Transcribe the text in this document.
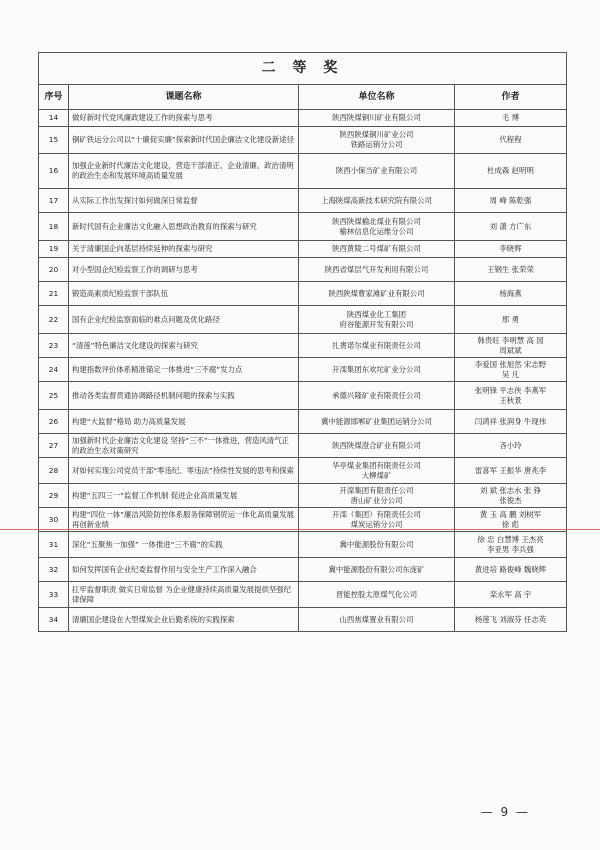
二 等 奖			
序号	课题名称	单位名称	作者
14	做好新时代党风廉政建设工作的探索与思考	陕西陕煤铜川矿业有限公司	毛 博
15	铜矿铁运分公司以“十廉促实廉”探索新时代国企廉洁文化建设新途径	陕西陕煤铜川矿业公司
铁路运销分公司	代程程
16	加强企业新时代廉洁文化建设，营造干部清正、企业清廉、政治清明的政治生态和发展环境高质量发展	陕西小保当矿业有限公司	杜成森 赵明明
17	从实际工作出发探讨如何做深日常监督	上海陕煤高新技术研究院有限公司	周 峰 陈乾强
18	新时代国有企业廉洁文化融入思想政治教育的探索与研究	陕西陕煤榆北煤业有限公司
榆林信息化运维分公司	刘 潇 方广东
19	关于清廉国企向基层持续延伸的探索与研究	陕西黄陵二号煤矿有限公司	李晓辉
20	对小型国企纪检监察工作的调研与思考	陕西省煤层气开发利用有限公司	王钢生 张荣荣
21	锻造高素质纪检监察干部队伍	陕西陕煤曹家滩矿业有限公司	杨海燕
22	国有企业纪检监察面临的难点问题及优化路径	陕西煤业化工集团
府谷能源开发有限公司	邢 勇
23	“清莲”特色廉洁文化建设的探索与研究	扎赉诺尔煤业有限责任公司	韩贵旺 李明慧 高 园
周斌斌
24	构建指数评价体系精准锚定一体推进“三不腐”发力点	开滦集团东欢坨矿业分公司	李爱国 张旭然 宋志野
吴 凡
25	推动各类监督贯通协调路径机制问题的探索与实践	承德兴隆矿业有限责任公司	张明锋 平志侠 李燕军
王秋景
26	构建“大监督”格局 助力高质量发展	冀中能源邯郸矿业集团运销分公司	闫鸿祥 张润身 牛现伟
27	加强新时代企业廉洁文化建设 坚持“三不”一体推进，营造风清气正的政治生态对策研究	陕西陕煤澄合矿业有限公司	吝小玲
28	对如何实现公司党员干部“零违纪、零违法”持续性发展的思考和探索	华亭煤业集团有限责任公司
大柳煤矿	雷喜军 王振华 唐兆李
29	构建“五四三一”监督工作机制 促进企业高质量发展	开滦集团有限责任公司
唐山矿业分公司	刘 斌 张志水 张 铮
张俊杰
30	构建“四位一体”廉洁风险防控体系服务保障钢贸运一体化高质量发展再创新业绩	开滦（集团）有限责任公司
煤炭运销分公司	黄 玉 高 鹏 刘树军
徐 彪
31	深化“五聚焦一加强” 一体推进“三不腐”的实践	冀中能源股份有限公司	徐 忠 白慧博 王杰亮
李亚男 李兵强
32	如何发挥国有企业纪委监督作用与安全生产工作深入融合	冀中能源股份有限公司东庞矿	黄进培 路俊峰 魏晓辉
33	扛牢监督职责 做实日常监督 为企业健康持续高质量发展提供坚强纪律保障	晋能控股太原煤气化公司	栾永军 高 宇
34	清廉国企建设在大型煤炭企业后勤系统的实践探索	山西焦煤置业有限公司	杨莲飞 刘淑芬 任志英
— 9 —
